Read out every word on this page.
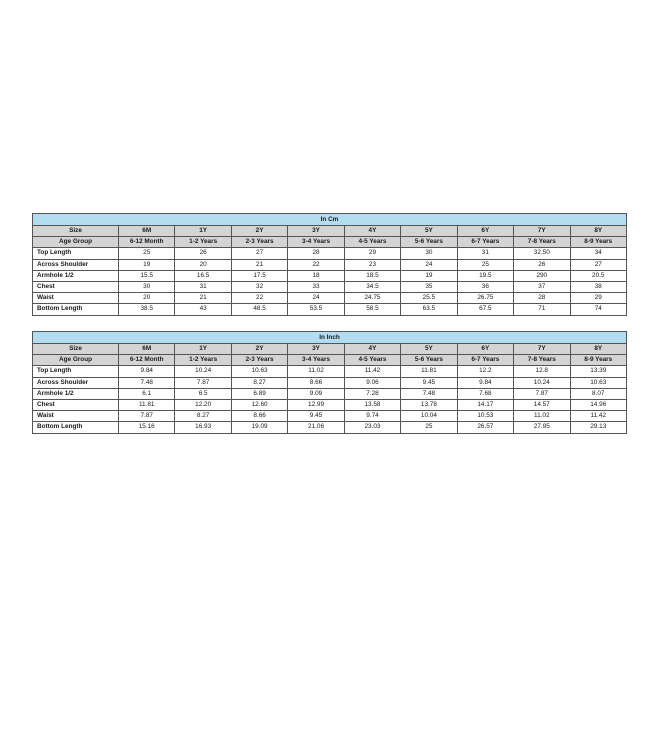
In Cm									
Size	6M	1Y	2Y	3Y	4Y	5Y	6Y	7Y	8Y
Age Group	6-12 Month	1-2 Years	2-3 Years	3-4 Years	4-5 Years	5-6 Years	6-7 Years	7-8 Years	8-9 Years
Top Length	25	26	27	28	29	30	31	32.50	34
Across Shoulder	19	20	21	22	23	24	25	26	27
Armhole 1/2	15.5	16.5	17.5	18	18.5	19	19.5	290	20.5
Chest	30	31	32	33	34.5	35	36	37	38
Waist	20	21	22	24	24.75	25.5	26.75	28	29
Bottom Length	38.5	43	48.5	53.5	58.5	63.5	67.5	71	74
In Inch									
Size	6M	1Y	2Y	3Y	4Y	5Y	6Y	7Y	8Y
Age Group	6-12 Month	1-2 Years	2-3 Years	3-4 Years	4-5 Years	5-6 Years	6-7 Years	7-8 Years	8-9 Years
Top Length	9.84	10.24	10.63	11.02	11.42	11.81	12.2	12.8	13.39
Across Shoulder	7.48	7.87	8.27	8.66	9.06	9.45	9.84	10.24	10.63
Armhole 1/2	6.1	6.5	6.89	9.09	7.28	7.48	7.68	7.87	8.07
Chest	11.81	12.20	12.60	12.99	13.58	13.78	14.17	14.57	14.96
Waist	7.87	8.27	8.66	9.45	9.74	10.04	10.53	11.02	11.42
Bottom Length	15.16	16.93	19.09	21.06	23.03	25	26.57	27.95	29.13
